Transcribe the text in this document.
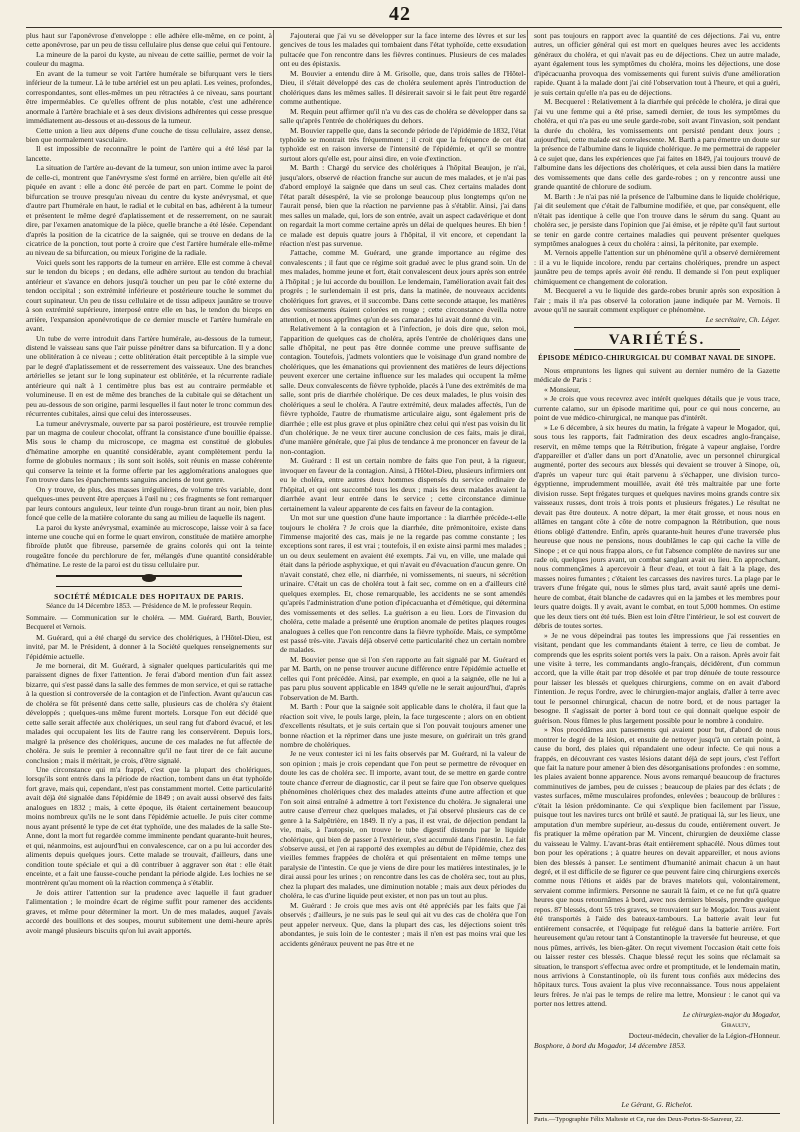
42

plus haut sur l'aponévrose d'enveloppe : elle adhère elle-même, en ce point, à cette aponévrose, par un peu de tissu cellulaire plus dense que celui qui l'entoure.

La mineure de la paroi du kyste, au niveau de cette saillie, permet de voir la couleur du magma.

En avant de la tumeur se voit l'artère humérale se bifurquant vers le tiers inférieur de la tumeur. Là le tube artériel est un peu aplati. Les veines, profondes, correspondantes, sont elles-mêmes un peu rétractées à ce niveau, sans pourtant être imperméables. Ce qu'elles offrent de plus notable, c'est une adhérence anormale à l'artère brachiale et à ses deux divisions adhérentes qui cesse presque immédiatement au-dessous et au-dessous de la tumeur.

Cette union a lieu aux dépens d'une couche de tissu cellulaire, assez dense, bien que normalement vasculaire.

Il est impossible de reconnaître le point de l'artère qui a été lésé par la lancette.

La situation de l'artère au-devant de la tumeur, son union intime avec la paroi de celle-ci, montrent que l'anévrysme s'est formé en arrière, bien qu'elle ait été piquée en avant : elle a donc été percée de part en part. Comme le point de bifurcation se trouve presqu'au niveau du centre du kyste anévrysmal, et que d'autre part l'humérale en haut, le radial et le cubital en bas, adhèrent à la tumeur et présentent le même degré d'aplatissement et de resserrement, on ne saurait dire, par l'examen anatomique de la pièce, quelle branche a été lésée. Cependant d'après la position de la cicatrice de la saignée, qui se trouve en dedans de la cicatrice de la ponction, tout porte à croire que c'est l'artère humérale elle-même au niveau de sa bifurcation, ou mieux l'origine de la radiale.

Voici quels sont les rapports de la tumeur en arrière. Elle est comme à cheval sur le tendon du biceps ; en dedans, elle adhère surtout au tendon du brachial antérieur et s'avance en dehors jusqu'à toucher un peu par le côté externe du tendon occipital ; son extrémité inférieure et postérieure touche le sommet du court supinateur. Un peu de tissu cellulaire et de tissu adipeux jaunâtre se trouve à son extrémité supérieure, interposé entre elle en bas, le tendon du biceps en arrière, l'expansion aponévrotique de ce dernier muscle et l'artère humérale en avant.

Un tube de verre introduit dans l'artère humérale, au-dessous de la tumeur, distend le vaisseau sans que l'air puisse pénétrer dans sa bifurcation. Il y a donc une oblitération à ce niveau ; cette oblitération était perceptible à la simple vue par le degré d'aplatissement et de resserrement des vaisseaux. Une des branches artérielles se jetant sur le long supinateur est oblitérée, et la récurrente radiale antérieure qui naît à 1 centimètre plus bas est au contraire perméable et volumineuse. Il en est de même des branches de la cubitale qui se détachent un peu au-dessous de son origine, parmi lesquelles il faut noter le tronc commun des récurrentes cubitales, ainsi que celui des interosseuses.

La tumeur anévrysmale, ouverte par sa paroi postérieure, est trouvée remplie par un magma de couleur chocolat, offrant la consistance d'une bouillie épaisse. Mis sous le champ du microscope, ce magma est constitué de globules d'hématine amorphe en quantité considérable, ayant complètement perdu la forme de globules normaux ; ils sont soit isolés, soit réunis en masse cohérente qui conserve la teinte et la forme offerte par les agglomérations analogues que l'on trouve dans les épanchements sanguins anciens de tout genre.

On y trouve, de plus, des masses irrégulières, de volume très variable, dont quelques-unes peuvent être aperçues à l'œil nu ; ces fragments se font remarquer par leurs contours anguleux, leur teinte d'un rouge-brun tirant au noir, bien plus foncé que celle de la matière colorante du sang au milieu de laquelle ils nagent.

La paroi du kyste anévrysmal, examinée au microscope, laisse voir à sa face interne une couche qui en forme le quart environ, constituée de matière amorphe fibroïde plutôt que fibreuse, parsemée de grains colorés qui ont la teinte rougeâtre foncée du perchlorure de fer, mélangés d'une quantité considérable d'hématine. Le reste de la paroi est du tissu cellulaire pur.

SOCIÉTÉ MÉDICALE DES HOPITAUX DE PARIS.
Séance du 14 Décembre 1853. — Présidence de M. le professeur Requin.

Sommaire. — Communication sur le choléra. — MM. Guérard, Barth, Bouvier, Becquerel et Vernois.

M. Guérard, qui a été chargé du service des cholériques, à l'Hôtel-Dieu, est invité, par M. le Président, à donner à la Société quelques renseignements sur l'épidémie actuelle.

Je me bornerai, dit M. Guérard, à signaler quelques particularités qui me paraissent dignes de fixer l'attention. Je ferai d'abord mention d'un fait assez bizarre, qui s'est passé dans la salle des femmes de mon service, et qui se rattache à la question si controversée de la contagion et de l'infection. Avant qu'aucun cas de choléra se fût présenté dans cette salle, plusieurs cas de choléra s'y étaient développés ; quelques-uns même furent mortels. Lorsque l'on eut décidé que cette salle serait affectée aux cholériques, un seul rang fut d'abord évacué, et les malades qui occupaient les lits de l'autre rang les conservèrent. Depuis lors, malgré la présence des cholériques, aucune de ces malades ne fut affectée de choléra. Je suis le premier à reconnaître qu'il ne faut tirer de ce fait aucune conclusion ; mais il méritait, je crois, d'être signalé.

Une circonstance qui m'a frappé, c'est que la plupart des cholériques, lorsqu'ils sont entrés dans la période de réaction, tombent dans un état typhoïde fort grave, mais qui, cependant, n'est pas constamment mortel. Cette particularité avait déjà été signalée dans l'épidémie de 1849 ; on avait aussi observé des faits analogues en 1832 ; mais, à cette époque, ils étaient certainement beaucoup moins nombreux qu'ils ne le sont dans l'épidémie actuelle. Je puis citer comme nous ayant présenté le type de cet état typhoïde, une des malades de la salle Ste-Anne, dont la mort fut regardée comme imminente pendant quarante-huit heures, et qui, néanmoins, est aujourd'hui en convalescence, car on a pu lui accorder des aliments depuis quelques jours. Cette malade se trouvait, d'ailleurs, dans une condition toute spéciale et qui a dû contribuer à aggraver son état : elle était enceinte, et a fait une fausse-couche pendant la période algide. Les lochies ne se montrèrent qu'au moment où la réaction commença à s'établir.

Je dois attirer l'attention sur la prudence avec laquelle il faut graduer l'alimentation ; le moindre écart de régime suffit pour ramener des accidents graves, et même pour déterminer la mort. Un de mes malades, auquel j'avais accordé des bouillons et des soupes, mourut subitement une demi-heure après avoir mangé plusieurs biscuits qu'on lui avait apportés.

J'ajouterai que j'ai vu se développer sur la face interne des lèvres et sur les gencives de tous les malades qui tombaient dans l'état typhoïde, cette exsudation pultacée que l'on rencontre dans les fièvres continues. Plusieurs de ces malades ont eu des épistaxis.

M. Bouvier a entendu dire à M. Grisolle, que, dans trois salles de l'Hôtel-Dieu, il s'était développé des cas de choléra seulement après l'introduction de cholériques dans les mêmes salles. Il désirerait savoir si le fait peut être regardé comme authentique.

M. Requin peut affirmer qu'il n'a vu des cas de choléra se développer dans sa salle qu'après l'entrée de cholériques du dehors.

M. Bouvier rappelle que, dans la seconde période de l'épidémie de 1832, l'état typhoïde se montrait très fréquemment ; il croit que la fréquence de cet état typhoïde est en raison inverse de l'intensité de l'épidémie, et qu'il se montre surtout alors qu'elle est, pour ainsi dire, en voie d'extinction.

M. Barth : Chargé du service des cholériques à l'hôpital Beaujon, je n'ai, jusqu'alors, observé de réaction franche sur aucun de mes malades, et je n'ai pas d'abord employé la saignée que dans un seul cas. Chez certains malades dont l'état paraît désespéré, la vie se prolonge beaucoup plus longtemps qu'on ne l'aurait pensé, bien que la réaction ne parvienne pas à s'établir. Ainsi, j'ai dans mes salles un malade, qui, lors de son entrée, avait un aspect cadavérique et dont on regardait la mort comme certaine après un délai de quelques heures. Eh bien ! ce malade est depuis quatre jours à l'hôpital, il vit encore, et cependant la réaction n'est pas survenue.

J'attache, comme M. Guérard, une grande importance au régime des convalescents ; il faut que ce régime soit gradué avec le plus grand soin. Un de mes malades, homme jeune et fort, était convalescent deux jours après son entrée à l'hôpital ; je lui accorde du bouillon. Le lendemain, l'amélioration avait fait des progrès ; le surlendemain il est pris, dans la matinée, de nouveaux accidents cholériques fort graves, et il succombe. Dans cette seconde attaque, les matières des vomissements étaient colorées en rouge ; cette circonstance éveilla notre attention, et nous apprîmes qu'un de ses camarades lui avait donné du vin.

Relativement à la contagion et à l'infection, je dois dire que, selon moi, l'apparition de quelques cas de choléra, après l'entrée de cholériques dans une salle d'hôpital, ne peut pas être donnée comme une preuve suffisante de contagion. Toutefois, j'admets volontiers que le voisinage d'un grand nombre de cholériques, que les émanations qui proviennent des matières de leurs déjections peuvent exercer une certaine influence sur les malades qui occupent la même salle. Deux convalescents de fièvre typhoïde, placés à l'une des extrémités de ma salle, sont pris de diarrhée cholérique. De ces deux malades, le plus voisin des cholériques a seul le choléra. A l'autre extrémité, deux malades affectés, l'un de fièvre typhoïde, l'autre de rhumatisme articulaire aigu, sont également pris de diarrhée ; elle est plus grave et plus opiniâtre chez celui qui n'est pas voisin du lit d'un cholérique. Je ne veux tirer aucune conclusion de ces faits, mais je dirai, d'une manière générale, que j'ai plus de tendance à me prononcer en faveur de la non-contagion.

M. Guérard : Il est un certain nombre de faits que l'on peut, à la rigueur, invoquer en faveur de la contagion. Ainsi, à l'Hôtel-Dieu, plusieurs infirmiers ont eu le choléra, entre autres deux hommes dispensés du service ordinaire de l'hôpital, et qui ont succombé tous les deux ; mais les deux malades avaient la diarrhée avant leur entrée dans le service ; cette circonstance diminue certainement la valeur apparente de ces faits en faveur de la contagion.

Un mot sur une question d'une haute importance : la diarrhée précède-t-elle toujours le choléra ? Je crois que la diarrhée, dite prémonitoire, existe dans l'immense majorité des cas, mais je ne la regarde pas comme constante ; les exceptions sont rares, il est vrai ; toutefois, il en existe ainsi parmi mes malades ; un ou deux seulement en avaient été exempts. J'ai vu, en ville, une malade qui était dans la période asphyxique, et qui n'avait eu d'évacuation d'aucun genre. On n'avait constaté, chez elle, ni diarrhée, ni vomissements, ni sueurs, ni sécrétion urinaire. C'était un cas de choléra tout à fait sec, comme on en a d'ailleurs cité quelques exemples. Et, chose remarquable, les accidents ne se sont amendés qu'après l'administration d'une potion d'ipécacuanha et d'émétique, qui détermina des vomissements et des selles. La guérison a eu lieu. Lors de l'invasion du choléra, cette malade a présenté une éruption anomale de petites plaques rouges analogues à celles que l'on rencontre dans la fièvre typhoïde. Mais, ce symptôme est passé très-vite. J'avais déjà observé cette particularité chez un certain nombre de malades.

M. Bouvier pense que si l'on s'en rapporte au fait signalé par M. Guérard et par M. Barth, on ne pense trouver aucune différence entre l'épidémie actuelle et celles qui l'ont précédée. Ainsi, par exemple, en quoi a la saignée, elle ne lui a pas paru plus souvent applicable en 1849 qu'elle ne le serait aujourd'hui, d'après l'observation de M. Barth.

M. Barth : Pour que la saignée soit applicable dans le choléra, il faut que la réaction soit vive, le pouls large, plein, la face turgescente ; alors on en obtient d'excellents résultats, et je suis certain que si l'on pouvait toujours amener une bonne réaction et la réprimer dans une juste mesure, on guérirait un très grand nombre de cholériques.

Je ne veux contester ici ni les faits observés par M. Guérard, ni la valeur de son opinion ; mais je crois cependant que l'on peut se permettre de révoquer en doute les cas de choléra sec. Il importe, avant tout, de se mettre en garde contre toute chance d'erreur de diagnostic, car il peut se faire que l'on observe quelques phénomènes cholériques chez des malades atteints d'une autre affection et que l'on soit ainsi entraîné à admettre à tort l'existence du choléra. Je signalerai une autre cause d'erreur chez quelques malades, et j'ai observé plusieurs cas de ce genre à la Salpêtrière, en 1849. Il n'y a pas, il est vrai, de déjection pendant la vie, mais, à l'autopsie, on trouve le tube digestif distendu par le liquide cholérique, qui bien de passer à l'extérieur, s'est accumulé dans l'intestin. Le fait s'observe aussi, et j'en ai rapporté des exemples au début de l'épidémie, chez des vieilles femmes frappées de choléra et qui présentaient en même temps une paralysie de l'intestin. Ce que je viens de dire pour les matières intestinales, je le dirai aussi pour les urines ; on rencontre dans les cas de choléra sec, tout au plus, chez la plupart des malades, une diminution notable ; mais aux deux périodes du choléra, le cas d'urine liquide peut exister, et non pas un tout au plus.

M. Guérard : Je crois que mes avis ont été appréciés par les faits que j'ai observés ; d'ailleurs, je ne suis pas le seul qui ait vu des cas de choléra que l'on peut appeler nerveux. Que, dans la plupart des cas, les déjections soient très abondantes, je suis loin de le contester ; mais il n'en est pas moins vrai que les accidents généraux peuvent ne pas être et ne

sont pas toujours en rapport avec la quantité de ces déjections. J'ai vu, entre autres, un officier général qui est mort en quelques heures avec les accidents généraux du choléra, et qui n'avait pas eu de déjections. Chez un autre malade, ayant également tous les symptômes du choléra, moins les déjections, une dose d'ipécacuanha provoqua des vomissements qui furent suivis d'une amélioration rapide. Quant à la malade dont j'ai cité l'observation tout à l'heure, et qui a guéri, je suis certain qu'elle n'a pas eu de déjections.

M. Becquerel : Relativement à la diarrhée qui précède le choléra, je dirai que j'ai vu une femme qui a été prise, samedi dernier, de tous les symptômes du choléra, et qui n'a pas eu une seule garde-robe, soit avant l'invasion, soit pendant la durée du choléra, les vomissements ont persisté pendant deux jours ; aujourd'hui, cette malade est convalescente. M. Barth a paru émettre un doute sur la présence de l'albumine dans le liquide cholérique. Je me permettrai de rappeler à ce sujet que, dans les expériences que j'ai faites en 1849, j'ai toujours trouvé de l'albumine dans les déjections des cholériques, et cela aussi bien dans la matière des vomissements que dans celle des garde-robes ; on y rencontre aussi une grande quantité de chlorure de sodium.

M. Barth : Je n'ai pas nié la présence de l'albumine dans le liquide cholérique, j'ai dit seulement que c'était de l'albumine modifiée, et que, par conséquent, elle n'était pas identique à celle que l'on trouve dans le sérum du sang. Quant au choléra sec, je persiste dans l'opinion que j'ai émise, et je répète qu'il faut surtout se tenir en garde contre certaines maladies qui peuvent présenter quelques symptômes analogues à ceux du choléra : ainsi, la péritonite, par exemple.

M. Vernois appelle l'attention sur un phénomène qu'il a observé dernièrement : il a vu le liquide incolore, rendu par certains cholériques, prendre un aspect jaunâtre peu de temps après avoir été rendu. Il demande si l'on peut expliquer chimiquement ce changement de coloration.

M. Becquerel a vu le liquide des garde-robes brunir après son exposition à l'air ; mais il n'a pas observé la coloration jaune indiquée par M. Vernois. Il avoue qu'il ne saurait comment expliquer ce phénomène.

Le secrétaire, Ch. Léger.

VARIÉTÉS.
ÉPISODE MÉDICO-CHIRURGICAL DU COMBAT NAVAL DE SINOPE.

Nous empruntons les lignes qui suivent au dernier numéro de la Gazette médicale de Paris :

« Monsieur,

» Je crois que vous recevrez avec intérêt quelques détails que je vous trace, currente calamo, sur un épisode maritime qui, pour ce qui nous concerne, au point de vue médico-chirurgical, ne manque pas d'intérêt.

» Le 6 décembre, à six heures du matin, la frégate à vapeur le Mogador, qui, sous tous les rapports, fait l'admiration des deux escadres anglo-française, reservit, en même temps que la Rétribution, frégate à vapeur anglaise, l'ordre d'appareiller et d'aller dans un port d'Anatolie, avec un personnel chirurgical augmenté, porter des secours aux blessés qui devaient se trouver à Sinope, où, d'après un vapeur turc qui était parvenu à s'échapper, une division turco-égyptienne, imprudemment mouillée, avait été très maltraitée par une forte division russe. Sept frégates turques et quelques navires moins grands contre six vaisseaux russes, dont trois à trois ponts et plusieurs frégates.) Le résultat ne devait pas être douteux. A notre départ, la mer était grosse, et nous nous en allâmes en tangant côte à côte de notre compagnon la Rétribution, que nous étions obligé d'attendre. Enfin, après quarante-huit heures d'une traversée plus heureuse que nous ne pensions, nous doublâmes le cap qui cache la ville de Sinope ; et ce qui nous frappa alors, ce fut l'absence complète de navires sur une rade où, quelques jours avant, un combat sanglant avait eu lieu. En approchant, nous commençâmes à apercevoir à fleur d'eau, et tout à fait à la plage, des masses noires fumantes ; c'étaient les carcasses des navires turcs. La plage par le travers d'une frégate qui, nous le sûmes plus tard, avait sauté après une demi-heure de combat, était blanche de cadavres qui en la jambes et les membres pour leurs quatre doigts. Il y avait, avant le combat, en tout 5,000 hommes. On estime que les deux tiers ont été tués. Bien est loin d'être l'intérieur, le sol est couvert de débris de toutes sortes.

» Je ne vous dépeindrai pas toutes les impressions que j'ai ressenties en visitant, pendant que les commandants étaient à terre, ce lieu de combat. Je comprends que les esprits soient portés vers la paix. On a raison. Après avoir fait une visite à terre, les commandants anglo-français, décidèrent, d'un commun accord, que la ville était par trop désolée et par trop dénuée de toute ressource pour laisser les blessés et quelques chirurgiens, comme on en avait d'abord l'intention. Je reçus l'ordre, avec le chirurgien-major anglais, d'aller à terre avec tout le personnel chirurgical, chacun de notre bord, et de nous partager la besogne. Il s'agissait de porter à bord tout ce qui donnait quelque espoir de guérison. Nous fûmes le plus largement possible pour le nombre à conduire.

» Nos procédâmes aux pansements qui avaient pour but, d'abord de nous montrer le degré de la lésion, et ensuite de nettoyer jusqu'à un certain point, à cause du bord, des plaies qui répandaient une odeur infecte. Ce qui nous a frappés, en découvrant ces vastes lésions datant déjà de sept jours, c'est l'effort que fait la nature pour amener à bien des désorganisations profondes : en somme, les plaies avaient bonne apparence. Nous avons remarqué beaucoup de fractures comminutives de jambes, peu de cuisses ; beaucoup de plaies par des éclats ; de vastes surfaces, même musculaires profondes, enlevées ; beaucoup de brûlures : c'était la lésion prédominante. Ce qui s'explique bien facilement par l'issue, puisque tout les navires turcs ont brûlé et sauté. Je pratiquai là, sur les lieux, une amputation d'un membre supérieur, au-dessus du coude, entièrement ouvert. Je fis pratiquer la même opération par M. Vincent, chirurgien de deuxième classe du vaisseau le Valmy. L'avant-bras était entièrement sphacélé. Nous dûmes tout bon pour les opérations ; à quatre heures on devait appareiller, et nous avions bien des blessés à panser. Le sentiment d'humanité animait chacun à un haut degré, et il est difficile de se figurer ce que peuvent faire cinq chirurgiens exercés comme nous l'étions et aidés par de braves matelots qui, volontairement, servaient comme infirmiers. Personne ne saurait là faim, et ce ne fut qu'à quatre heures que nous retournâmes à bord, avec nos derniers blessés, prendre quelque repos. 87 blessés, dont 55 très graves, se trouvaient sur le Mogador. Tous avaient été transportés à l'aide des bateaux-tambours. La batterie avait leur fut entièrement consacrée, et l'équipage fut relégué dans la batterie arrière. Fort heureusement qu'au retour tant à Constantinople la traversée fut heureuse, et que nous pûmes, arrivés, les bien-gâter. On reçut vivement l'occasion était cette fois ou laisser rester ces blessés. Chaque blessé reçut les soins que réclamait sa situation, le transport s'effectua avec ordre et promptitude, et le lendemain matin, nous arrivions à Constantinople, où ils furent tous confiés aux médecins des hôpitaux turcs. Tous avaient la plus vive reconnaissance. Tous nous appelaient leurs frères. Je n'ai pas le temps de relire ma lettre, Monsieur : le canot qui va porter nos lettres attend.

Le chirurgien-major du Mogador,
Giraulty,
Docteur-médecin, chevalier de la Légion-d'Honneur.

Bosphore, à bord du Mogador, 14 décembre 1853.

Le Gérant, G. Richelot.
Paris.—Typographie Félix Malteste et Ce, rue des Deux-Portes-St-Sauveur, 22.
